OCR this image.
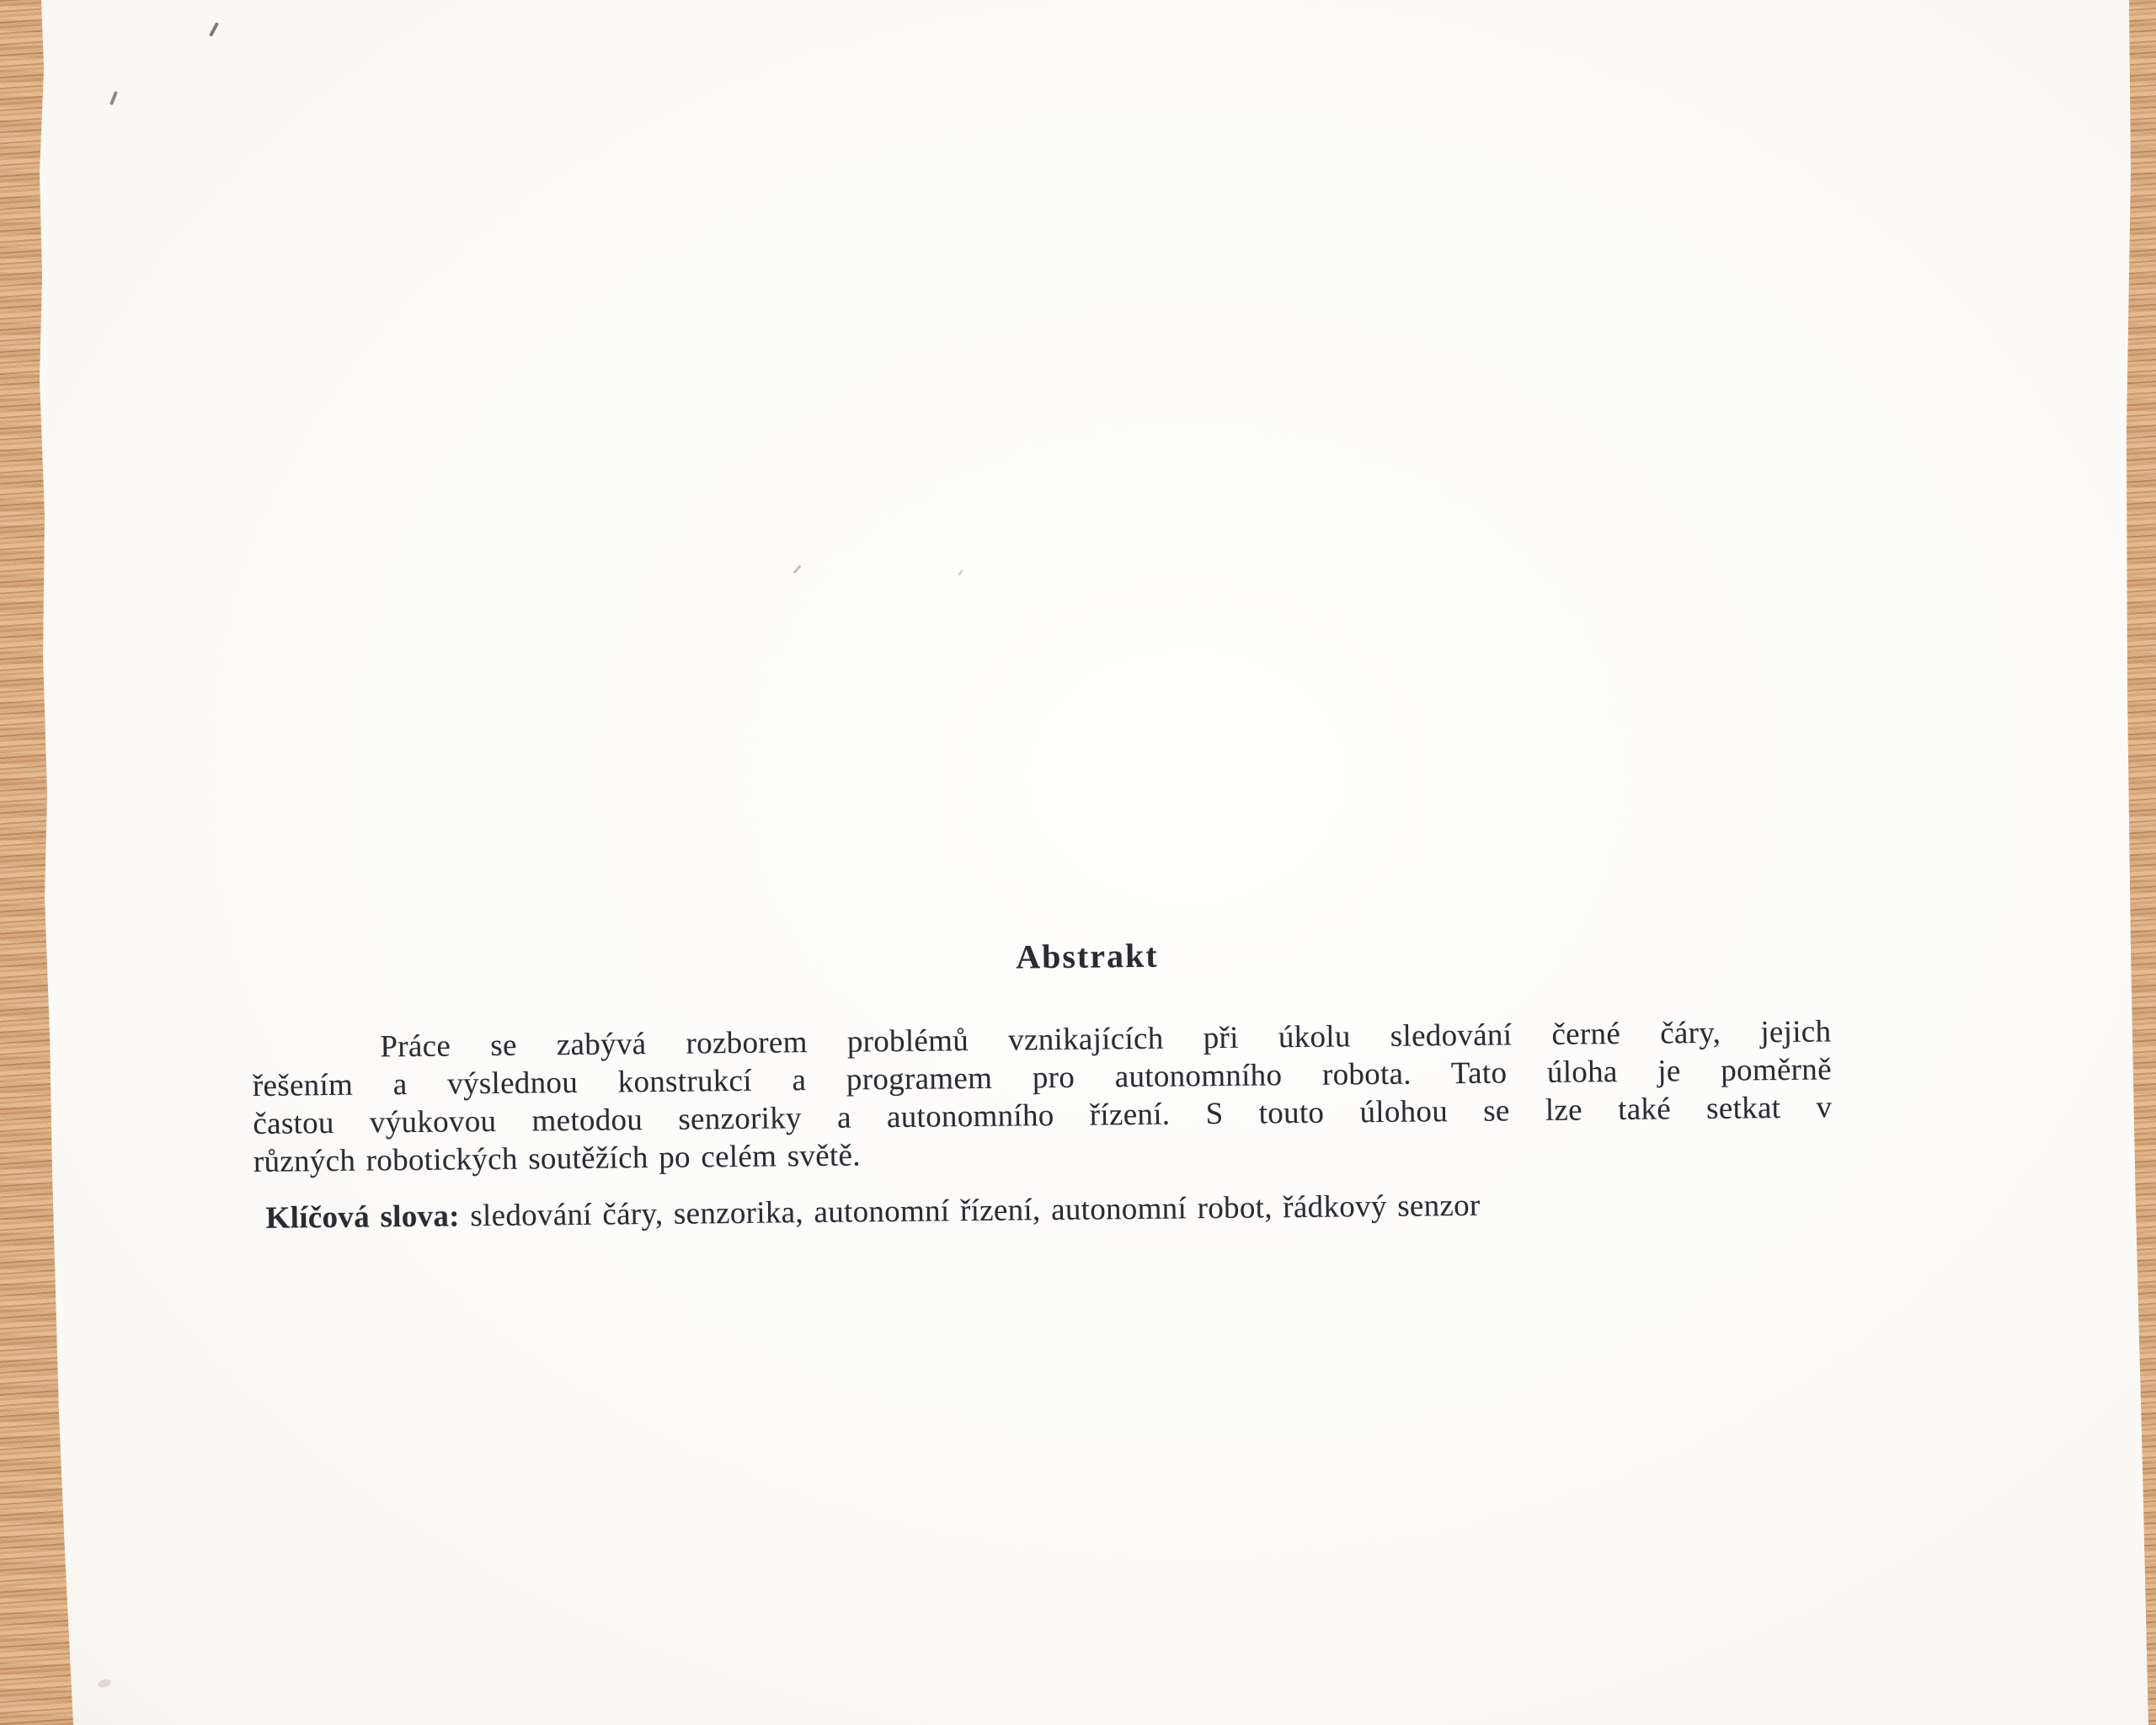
Abstrakt
Práce se zabývá rozborem problémů vznikajících při úkolu sledování černé čáry, jejich
řešením a výslednou konstrukcí a programem pro autonomního robota. Tato úloha je poměrně
častou výukovou metodou senzoriky a autonomního řízení. S touto úlohou se lze také setkat v
různých robotických soutěžích po celém světě.
Klíčová slova: sledování čáry, senzorika, autonomní řízení, autonomní robot, řádkový senzor
